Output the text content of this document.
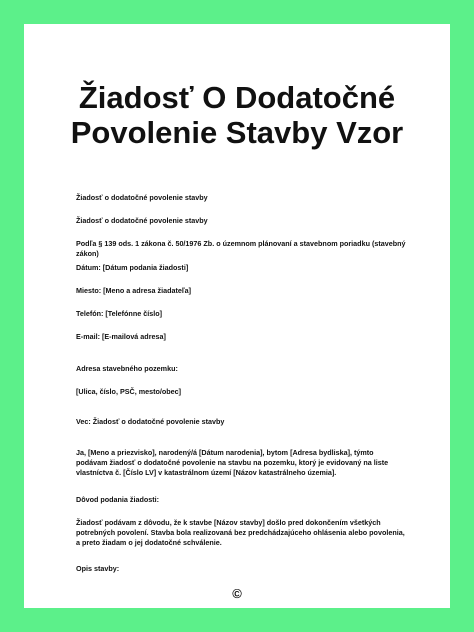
Žiadosť O Dodatočné
Povolenie Stavby Vzor

Žiadosť o dodatočné povolenie stavby

Žiadosť o dodatočné povolenie stavby

Podľa § 139 ods. 1 zákona č. 50/1976 Zb. o územnom plánovaní a stavebnom poriadku (stavebný zákon)

Dátum: [Dátum podania žiadosti]

Miesto: [Meno a adresa žiadateľa]

Telefón: [Telefónne číslo]

E-mail: [E-mailová adresa]

Adresa stavebného pozemku:

[Ulica, číslo, PSČ, mesto/obec]

Vec: Žiadosť o dodatočné povolenie stavby

Ja, [Meno a priezvisko], narodený/á [Dátum narodenia], bytom [Adresa bydliska], týmto podávam žiadosť o dodatočné povolenie na stavbu na pozemku, ktorý je evidovaný na liste vlastníctva č. [Číslo LV] v katastrálnom území [Názov katastrálneho územia].

Dôvod podania žiadosti:

Žiadosť podávam z dôvodu, že k stavbe [Názov stavby] došlo pred dokončením všetkých potrebných povolení. Stavba bola realizovaná bez predchádzajúceho ohlásenia alebo povolenia, a preto žiadam o jej dodatočné schválenie.

Opis stavby:

©
